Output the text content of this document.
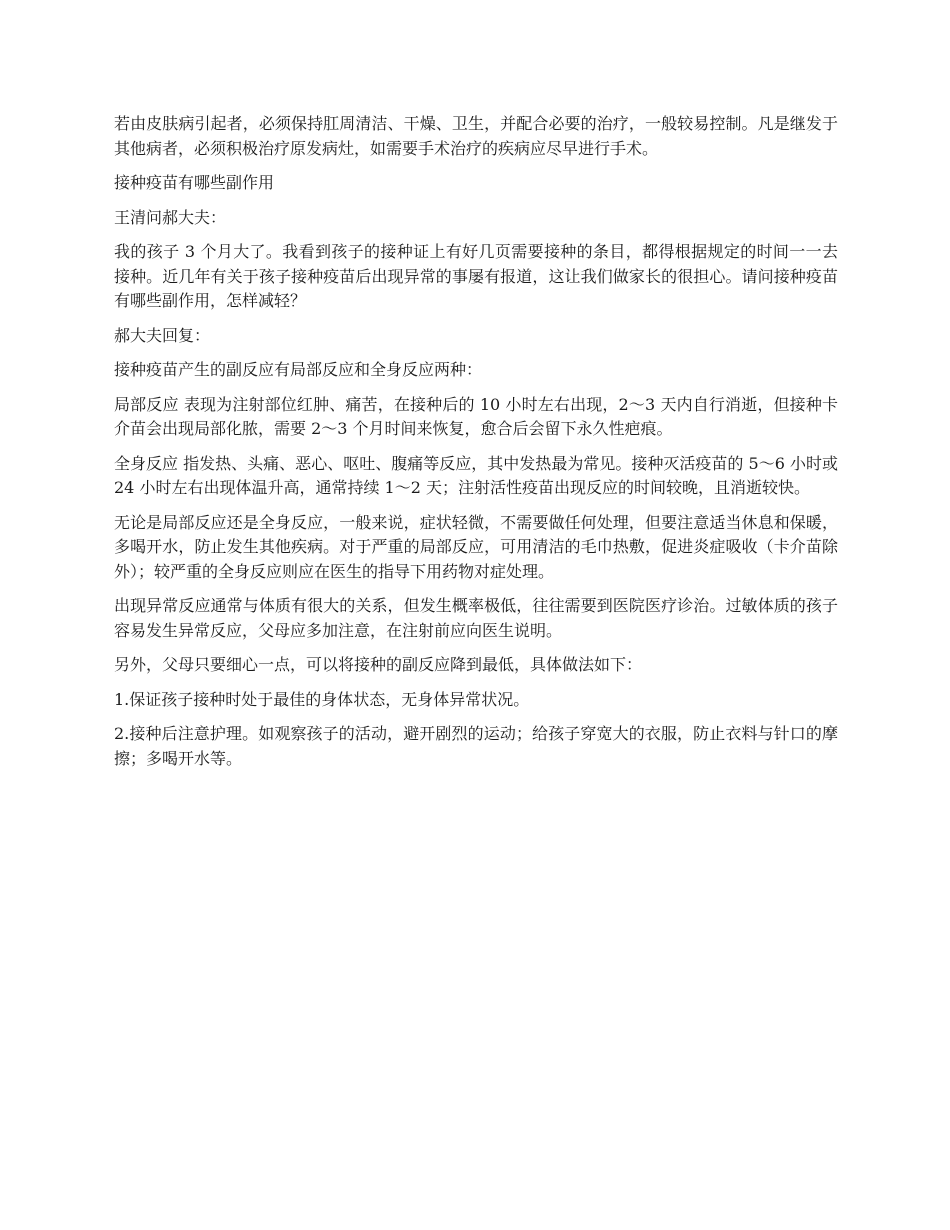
若由皮肤病引起者，必须保持肛周清洁、干燥、卫生，并配合必要的治疗，一般较易控制。凡是继发于其他病者，必须积极治疗原发病灶，如需要手术治疗的疾病应尽早进行手术。

接种疫苗有哪些副作用

王清问郝大夫：

我的孩子 3 个月大了。我看到孩子的接种证上有好几页需要接种的条目，都得根据规定的时间一一去接种。近几年有关于孩子接种疫苗后出现异常的事屡有报道，这让我们做家长的很担心。请问接种疫苗有哪些副作用，怎样减轻？

郝大夫回复：

接种疫苗产生的副反应有局部反应和全身反应两种：

局部反应 表现为注射部位红肿、痛苦，在接种后的 10 小时左右出现，2～3 天内自行消逝，但接种卡介苗会出现局部化脓，需要 2～3 个月时间来恢复，愈合后会留下永久性疤痕。

全身反应 指发热、头痛、恶心、呕吐、腹痛等反应，其中发热最为常见。接种灭活疫苗的 5～6 小时或 24 小时左右出现体温升高，通常持续 1～2 天；注射活性疫苗出现反应的时间较晚，且消逝较快。

无论是局部反应还是全身反应，一般来说，症状轻微，不需要做任何处理，但要注意适当休息和保暖，多喝开水，防止发生其他疾病。对于严重的局部反应，可用清洁的毛巾热敷，促进炎症吸收（卡介苗除外）；较严重的全身反应则应在医生的指导下用药物对症处理。

出现异常反应通常与体质有很大的关系，但发生概率极低，往往需要到医院医疗诊治。过敏体质的孩子容易发生异常反应，父母应多加注意，在注射前应向医生说明。

另外，父母只要细心一点，可以将接种的副反应降到最低，具体做法如下：

1.保证孩子接种时处于最佳的身体状态，无身体异常状况。

2.接种后注意护理。如观察孩子的活动，避开剧烈的运动；给孩子穿宽大的衣服，防止衣料与针口的摩擦；多喝开水等。
